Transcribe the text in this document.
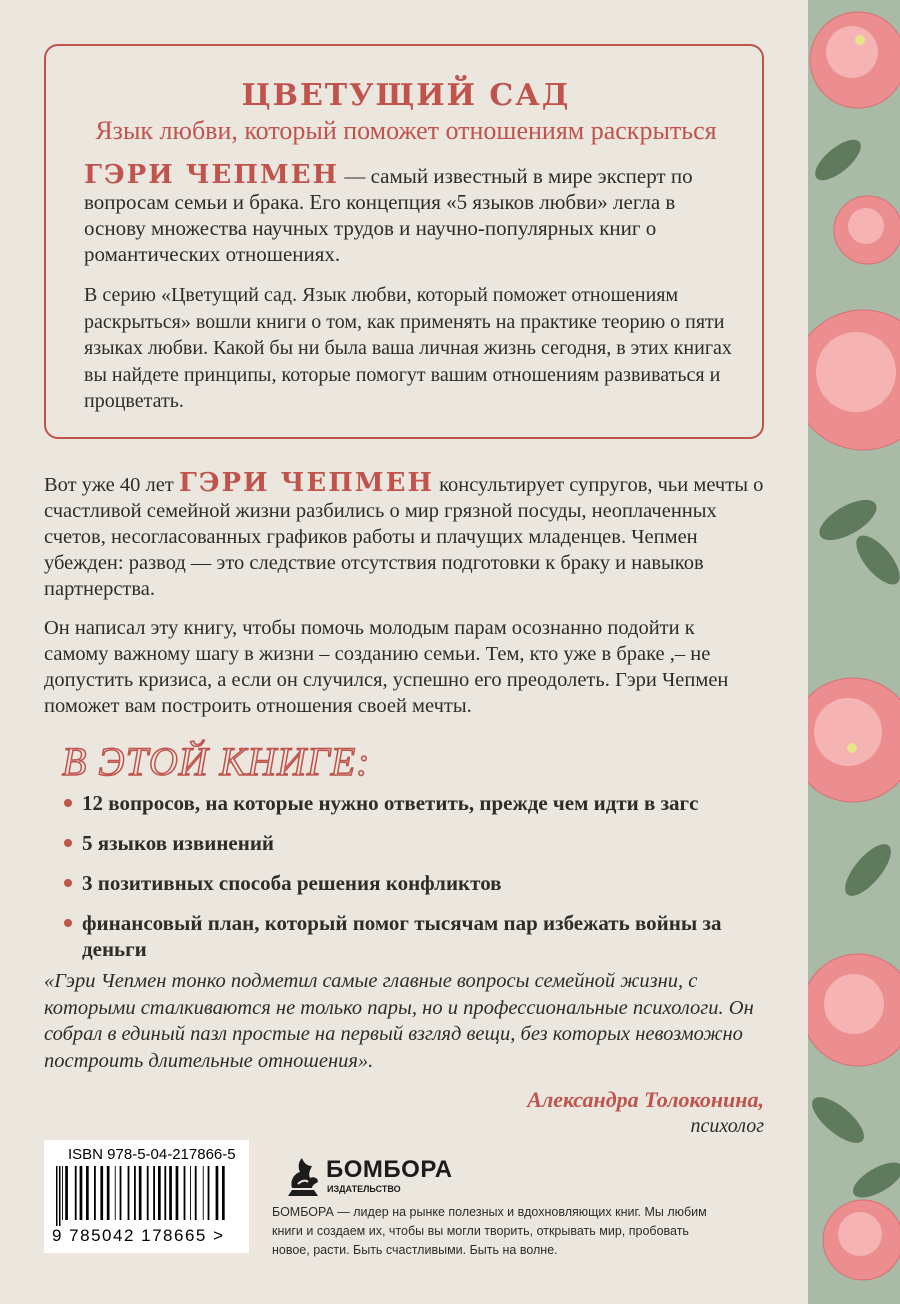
ЦВЕТУЩИЙ САД
Язык любви, который поможет отношениям раскрыться

ГЭРИ ЧЕПМЕН — самый известный в мире эксперт по вопросам семьи и брака. Его концепция «5 языков любви» легла в основу множества научных трудов и научно-популярных книг о романтических отношениях.

В серию «Цветущий сад. Язык любви, который поможет отношениям раскрыться» вошли книги о том, как применять на практике теорию о пяти языках любви. Какой бы ни была ваша личная жизнь сегодня, в этих книгах вы найдете принципы, которые помогут вашим отношениям развиваться и процветать.

Вот уже 40 лет ГЭРИ ЧЕПМЕН консультирует супругов, чьи мечты о счастливой семейной жизни разбились о мир грязной посуды, неоплаченных счетов, несогласованных графиков работы и плачущих младенцев. Чепмен убежден: развод — это следствие отсутствия подготовки к браку и навыков партнерства.

Он написал эту книгу, чтобы помочь молодым парам осознанно подойти к самому важному шагу в жизни – созданию семьи. Тем, кто уже в браке ,– не допустить кризиса, а если он случился, успешно его преодолеть. Гэри Чепмен поможет вам построить отношения своей мечты.

В ЭТОЙ КНИГЕ:
12 вопросов, на которые нужно ответить, прежде чем идти в загс
5 языков извинений
3 позитивных способа решения конфликтов
финансовый план, который помог тысячам пар избежать войны за деньги

«Гэри Чепмен тонко подметил самые главные вопросы семейной жизни, с которыми сталкиваются не только пары, но и профессиональные психологи. Он собрал в единый пазл простые на первый взгляд вещи, без которых невозможно построить длительные отношения».

Александра Толоконина,
психолог
ISBN 978-5-04-217866-5
9 785042 178665 >
БОМБОРА
ИЗДАТЕЛЬСТВО

БОМБОРА — лидер на рынке полезных и вдохновляющих книг. Мы любим книги и создаем их, чтобы вы могли творить, открывать мир, пробовать новое, расти. Быть счастливыми. Быть на волне.
